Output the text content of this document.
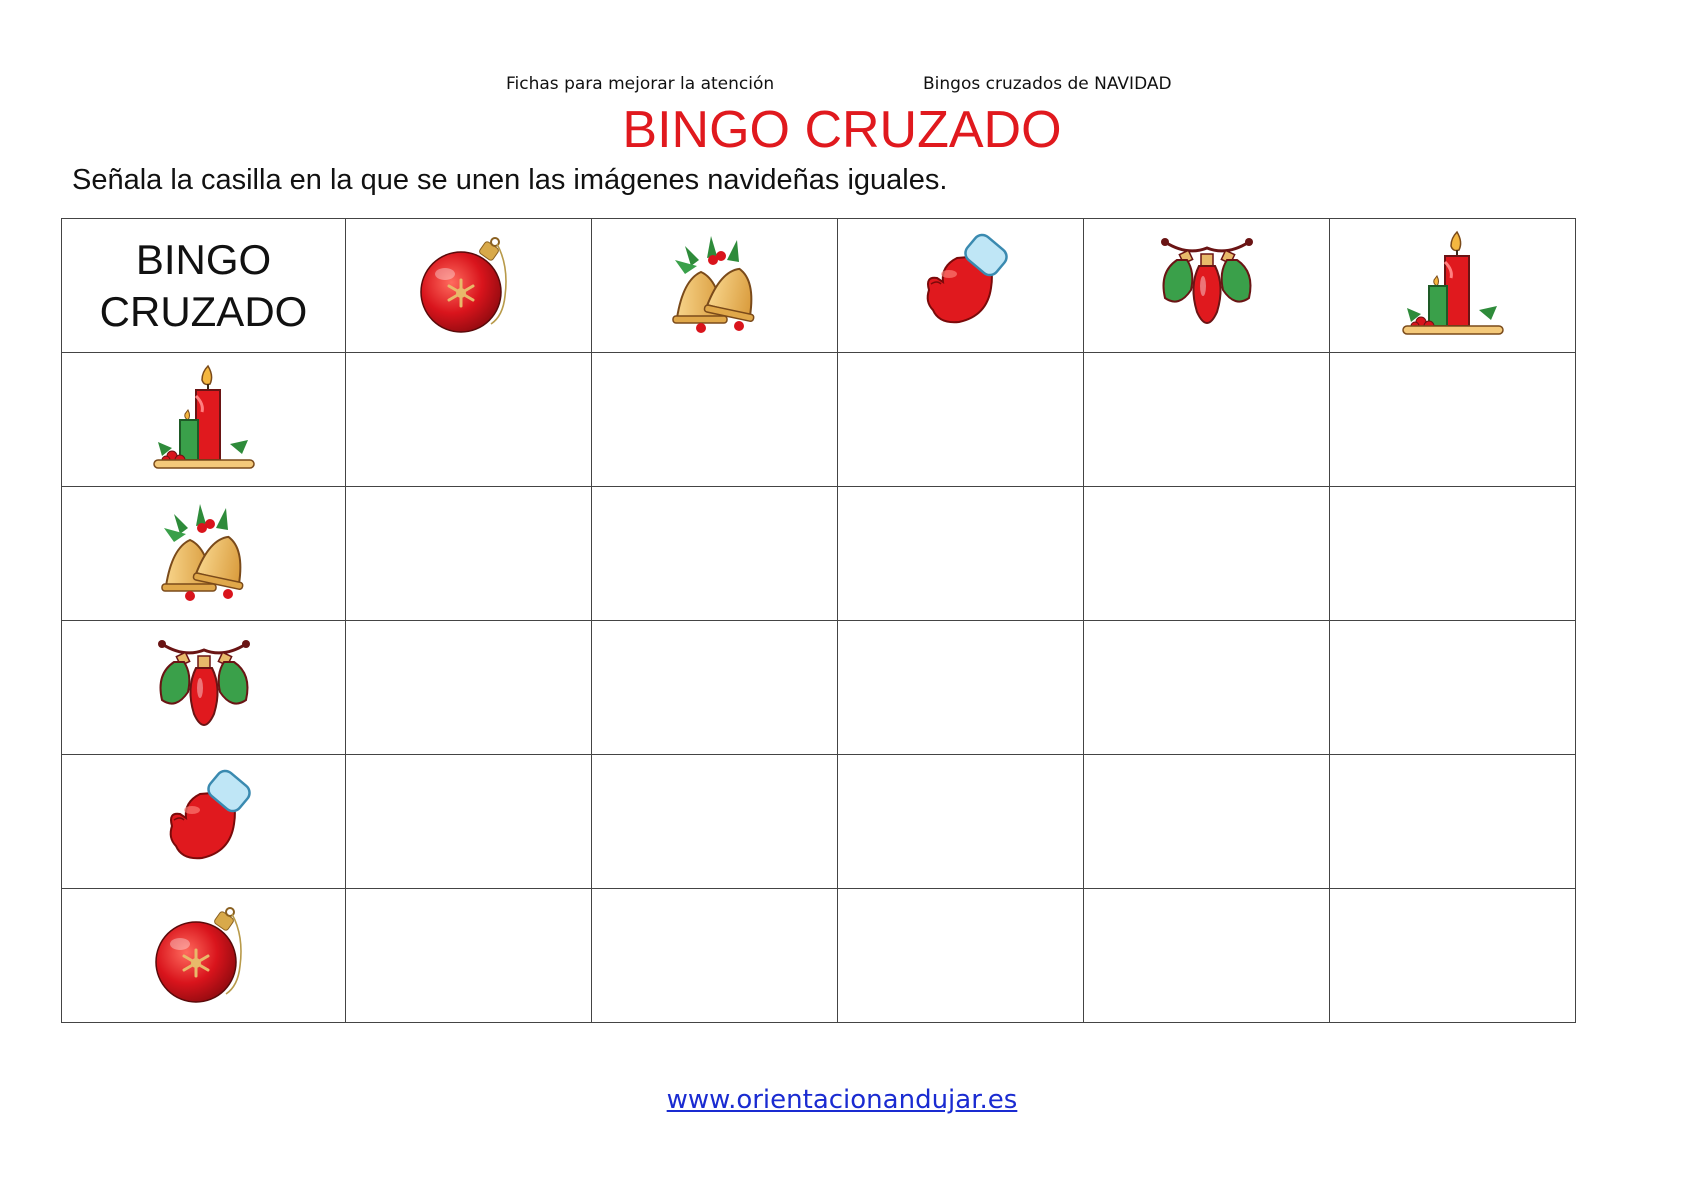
Fichas para mejorar la atención	Bingos cruzados de NAVIDAD
BINGO CRUZADO
Señala la casilla en la que se unen las imágenes navideñas iguales.
BINGO
CRUZADO

www.orientacionandujar.es
